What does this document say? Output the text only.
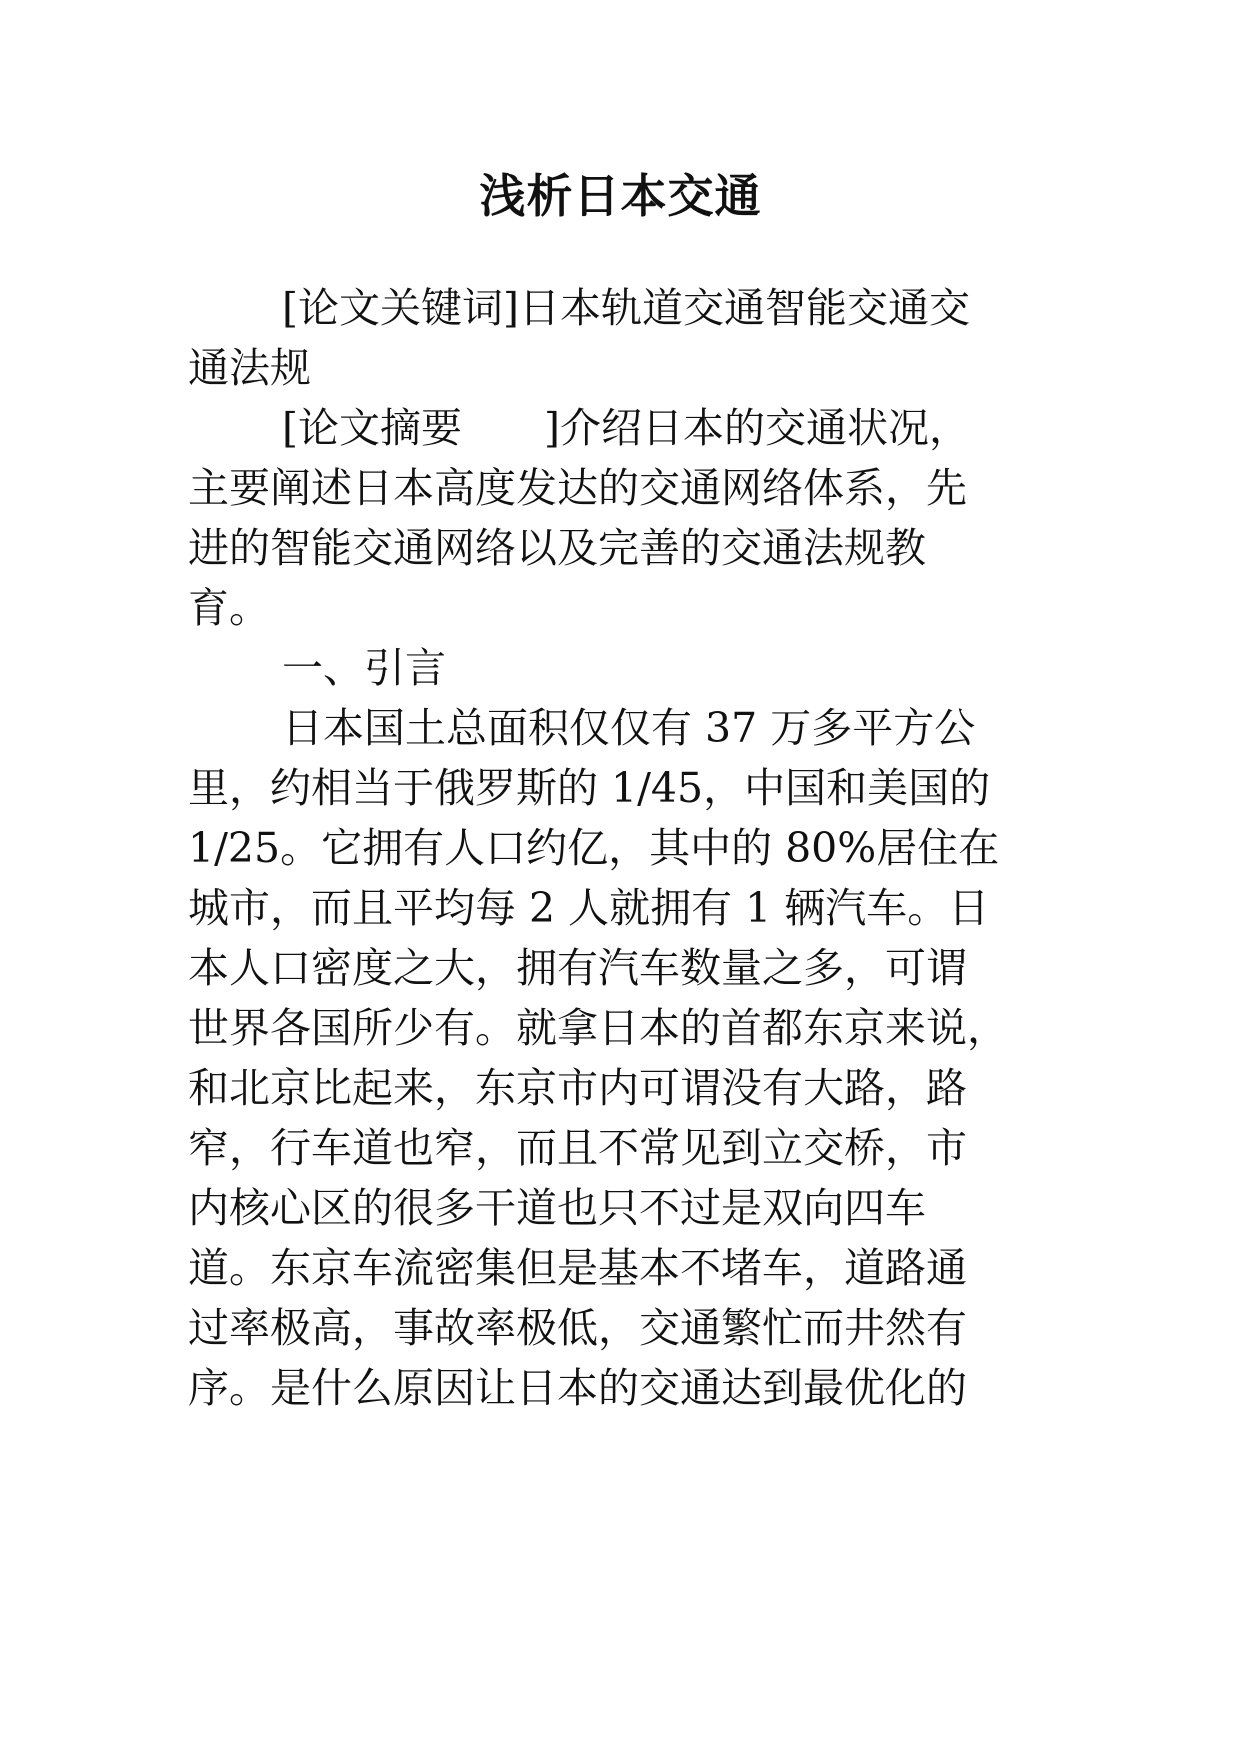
浅析日本交通
[论文关键词]日本轨道交通智能交通交
通法规
[论文摘要　　]介绍日本的交通状况，
主要阐述日本高度发达的交通网络体系，先
进的智能交通网络以及完善的交通法规教
育。
一、引言
日本国土总面积仅仅有 37 万多平方公
里，约相当于俄罗斯的 1/45，中国和美国的
1/25。它拥有人口约亿，其中的 80%居住在
城市，而且平均每 2 人就拥有 1 辆汽车。日
本人口密度之大，拥有汽车数量之多，可谓
世界各国所少有。就拿日本的首都东京来说，
和北京比起来，东京市内可谓没有大路，路
窄，行车道也窄，而且不常见到立交桥，市
内核心区的很多干道也只不过是双向四车
道。东京车流密集但是基本不堵车，道路通
过率极高，事故率极低，交通繁忙而井然有
序。是什么原因让日本的交通达到最优化的
